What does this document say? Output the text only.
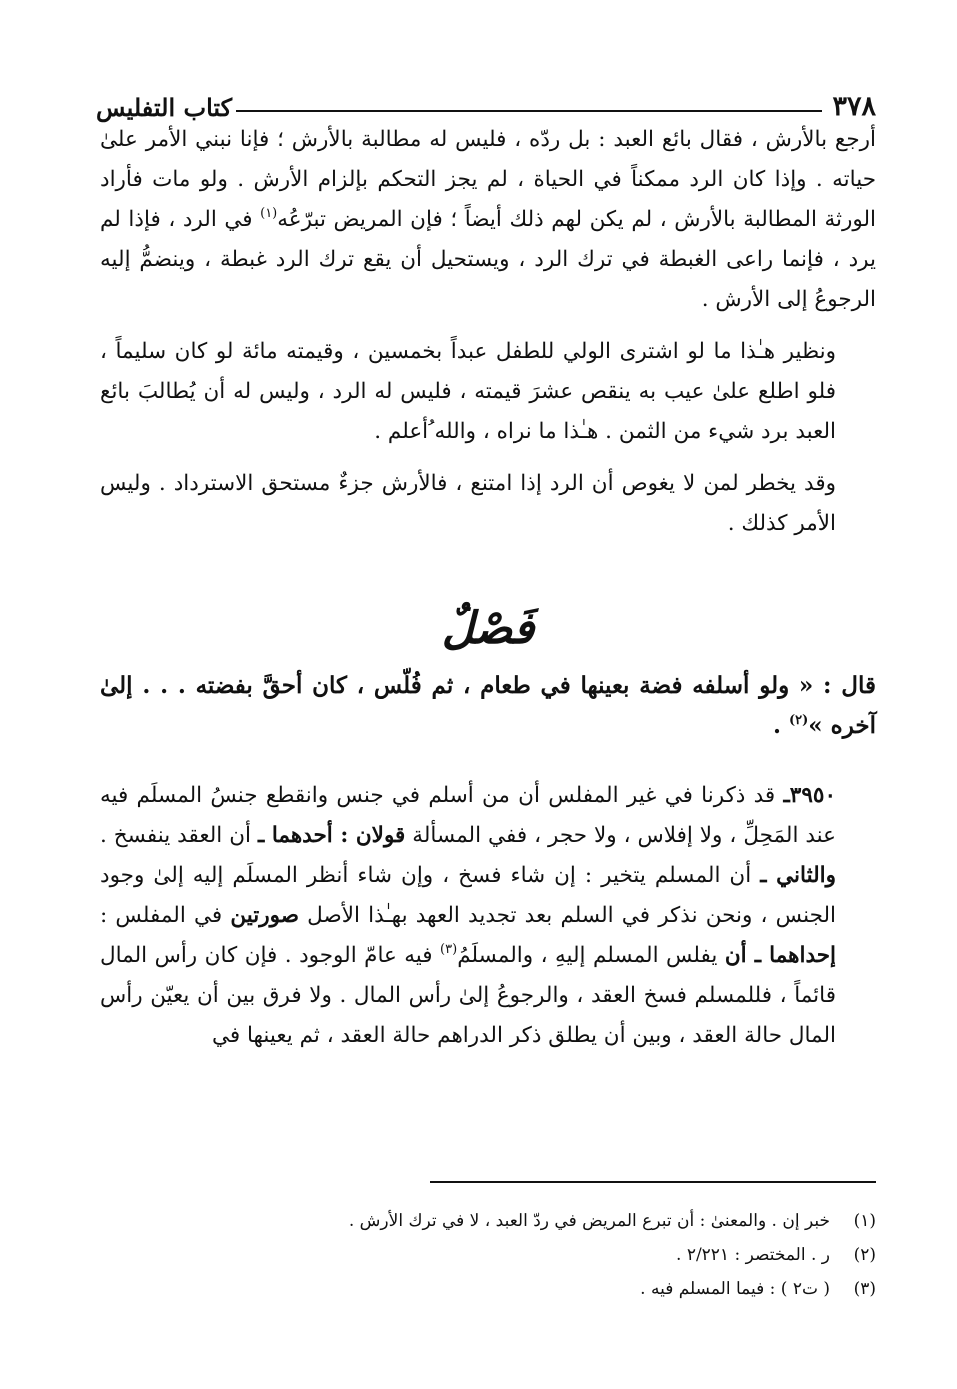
٣٧٨
كتاب التفليس

أرجع بالأرش ، فقال بائع العبد : بل ردّه ، فليس له مطالبة بالأرش ؛ فإنا نبني الأمر علىٰ حياته . وإذا كان الرد ممكناً في الحياة ، لم يجز التحكم بإلزام الأرش . ولو مات فأراد الورثة المطالبة بالأرش ، لم يكن لهم ذلك أيضاً ؛ فإن المريض تبرّعُه$^{(١)}$ في الرد ، فإذا لم يرد ، فإنما راعى الغبطة في ترك الرد ، ويستحيل أن يقع ترك الرد غبطة ، وينضمُّ إليه الرجوعُ إلى الأرش .

ونظير هـٰذا ما لو اشترى الولي للطفل عبداً بخمسين ، وقيمته مائة لو كان سليماً ، فلو اطلع علىٰ عيب به ينقص عشرَ قيمته ، فليس له الرد ، وليس له أن يُطالبَ بائع العبد برد شيء من الثمن . هـٰذا ما نراه ، والله ُأعلم .

وقد يخطر لمن لا يغوص أن الرد إذا امتنع ، فالأرش جزءٌ مستحق الاسترداد . وليس الأمر كذلك .

فَصْلٌ

قال : « ولو أسلفه فضة بعينها في طعام ، ثم فُلّس ، كان أحقَّ بفضته . . . إلىٰ آخره »$^{(٢)}$ .

٣٩٥٠ـ قد ذكرنا في غير المفلس أن من أسلم في جنس وانقطع جنسُ المسلَم فيه عند المَحِلِّ ، ولا إفلاس ، ولا حجر ، ففي المسألة قولان : أحدهما ـ أن العقد ينفسخ . والثاني ـ أن المسلم يتخير : إن شاء فسخ ، وإن شاء أنظر المسلَم إليه إلىٰ وجود الجنس ، ونحن نذكر في السلم بعد تجديد العهد بهـٰذا الأصل صورتين في المفلس : إحداهما ـ أن يفلس المسلم إليهِ ، والمسلَمُ$^{(٣)}$ فيه عامّ الوجود . فإن كان رأس المال قائماً ، فللمسلم فسخ العقد ، والرجوعُ إلىٰ رأس المال . ولا فرق بين أن يعيّن رأس المال حالة العقد ، وبين أن يطلق ذكر الدراهم حالة العقد ، ثم يعينها في

(١)
خبر إن . والمعنىٰ : أن تبرع المريض في ردّ العبد ، لا في ترك الأرش .
(٢)
ر . المختصر : ٢/٢٢١ .
(٣)
( ت٢ ) : فيما المسلم فيه .
